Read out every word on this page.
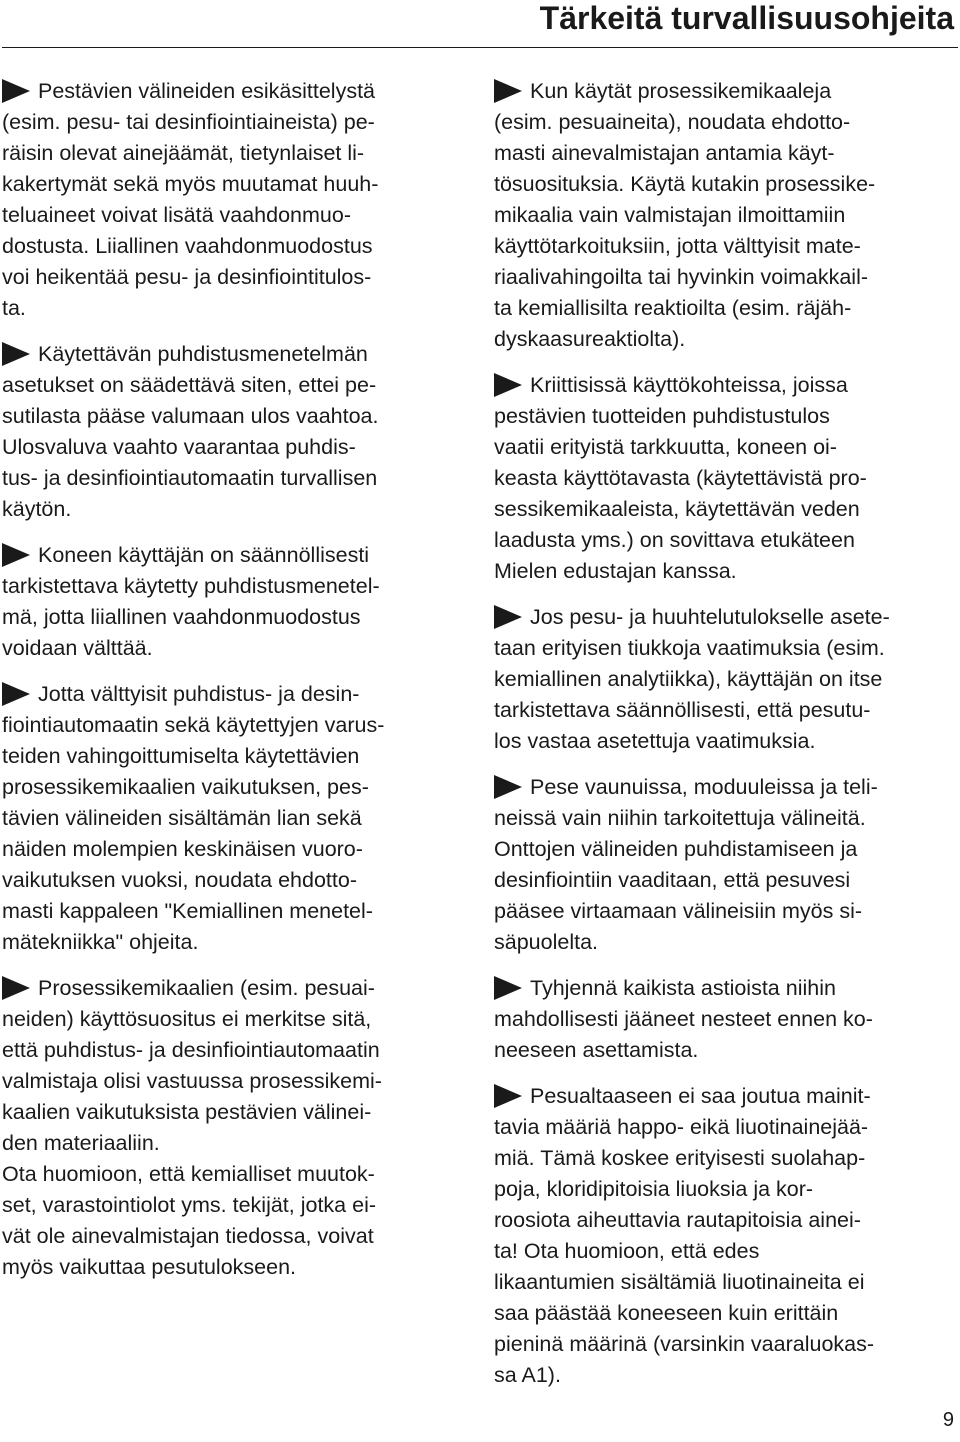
Tärkeitä turvallisuusohjeita
Pestävien välineiden esikäsittelystä
(esim. pesu- tai desinfiointiaineista) pe-
räisin olevat ainejäämät, tietynlaiset li-
kakertymät sekä myös muutamat huuh-
teluaineet voivat lisätä vaahdonmuo-
dostusta. Liiallinen vaahdonmuodostus
voi heikentää pesu- ja desinfiointitulos-
ta.
Käytettävän puhdistusmenetelmän
asetukset on säädettävä siten, ettei pe-
sutilasta pääse valumaan ulos vaahtoa.
Ulosvaluva vaahto vaarantaa puhdis-
tus- ja desinfiointiautomaatin turvallisen
käytön.
Koneen käyttäjän on säännöllisesti
tarkistettava käytetty puhdistusmenetel-
mä, jotta liiallinen vaahdonmuodostus
voidaan välttää.
Jotta välttyisit puhdistus- ja desin-
fiointiautomaatin sekä käytettyjen varus-
teiden vahingoittumiselta käytettävien
prosessikemikaalien vaikutuksen, pes-
tävien välineiden sisältämän lian sekä
näiden molempien keskinäisen vuoro-
vaikutuksen vuoksi, noudata ehdotto-
masti kappaleen "Kemiallinen menetel-
mätekniikka" ohjeita.
Prosessikemikaalien (esim. pesuai-
neiden) käyttösuositus ei merkitse sitä,
että puhdistus- ja desinfiointiautomaatin
valmistaja olisi vastuussa prosessikemi-
kaalien vaikutuksista pestävien välinei-
den materiaaliin.
Ota huomioon, että kemialliset muutok-
set, varastointiolot yms. tekijät, jotka ei-
vät ole ainevalmistajan tiedossa, voivat
myös vaikuttaa pesutulokseen.
Kun käytät prosessikemikaaleja
(esim. pesuaineita), noudata ehdotto-
masti ainevalmistajan antamia käyt-
tösuosituksia. Käytä kutakin prosessike-
mikaalia vain valmistajan ilmoittamiin
käyttötarkoituksiin, jotta välttyisit mate-
riaalivahingoilta tai hyvinkin voimakkail-
ta kemiallisilta reaktioilta (esim. räjäh-
dyskaasureaktiolta).
Kriittisissä käyttökohteissa, joissa
pestävien tuotteiden puhdistustulos
vaatii erityistä tarkkuutta, koneen oi-
keasta käyttötavasta (käytettävistä pro-
sessikemikaaleista, käytettävän veden
laadusta yms.) on sovittava etukäteen
Mielen edustajan kanssa.
Jos pesu- ja huuhtelutulokselle asete-
taan erityisen tiukkoja vaatimuksia (esim.
kemiallinen analytiikka), käyttäjän on itse
tarkistettava säännöllisesti, että pesutu-
los vastaa asetettuja vaatimuksia.
Pese vaunuissa, moduuleissa ja teli-
neissä vain niihin tarkoitettuja välineitä.
Onttojen välineiden puhdistamiseen ja
desinfiointiin vaaditaan, että pesuvesi
pääsee virtaamaan välineisiin myös si-
säpuolelta.
Tyhjennä kaikista astioista niihin
mahdollisesti jääneet nesteet ennen ko-
neeseen asettamista.
Pesualtaaseen ei saa joutua mainit-
tavia määriä happo- eikä liuotinainejää-
miä. Tämä koskee erityisesti suolahap-
poja, kloridipitoisia liuoksia ja kor-
roosiota aiheuttavia rautapitoisia ainei-
ta! Ota huomioon, että edes
likaantumien sisältämiä liuotinaineita ei
saa päästää koneeseen kuin erittäin
pieninä määrinä (varsinkin vaaraluokas-
sa A1).
9
